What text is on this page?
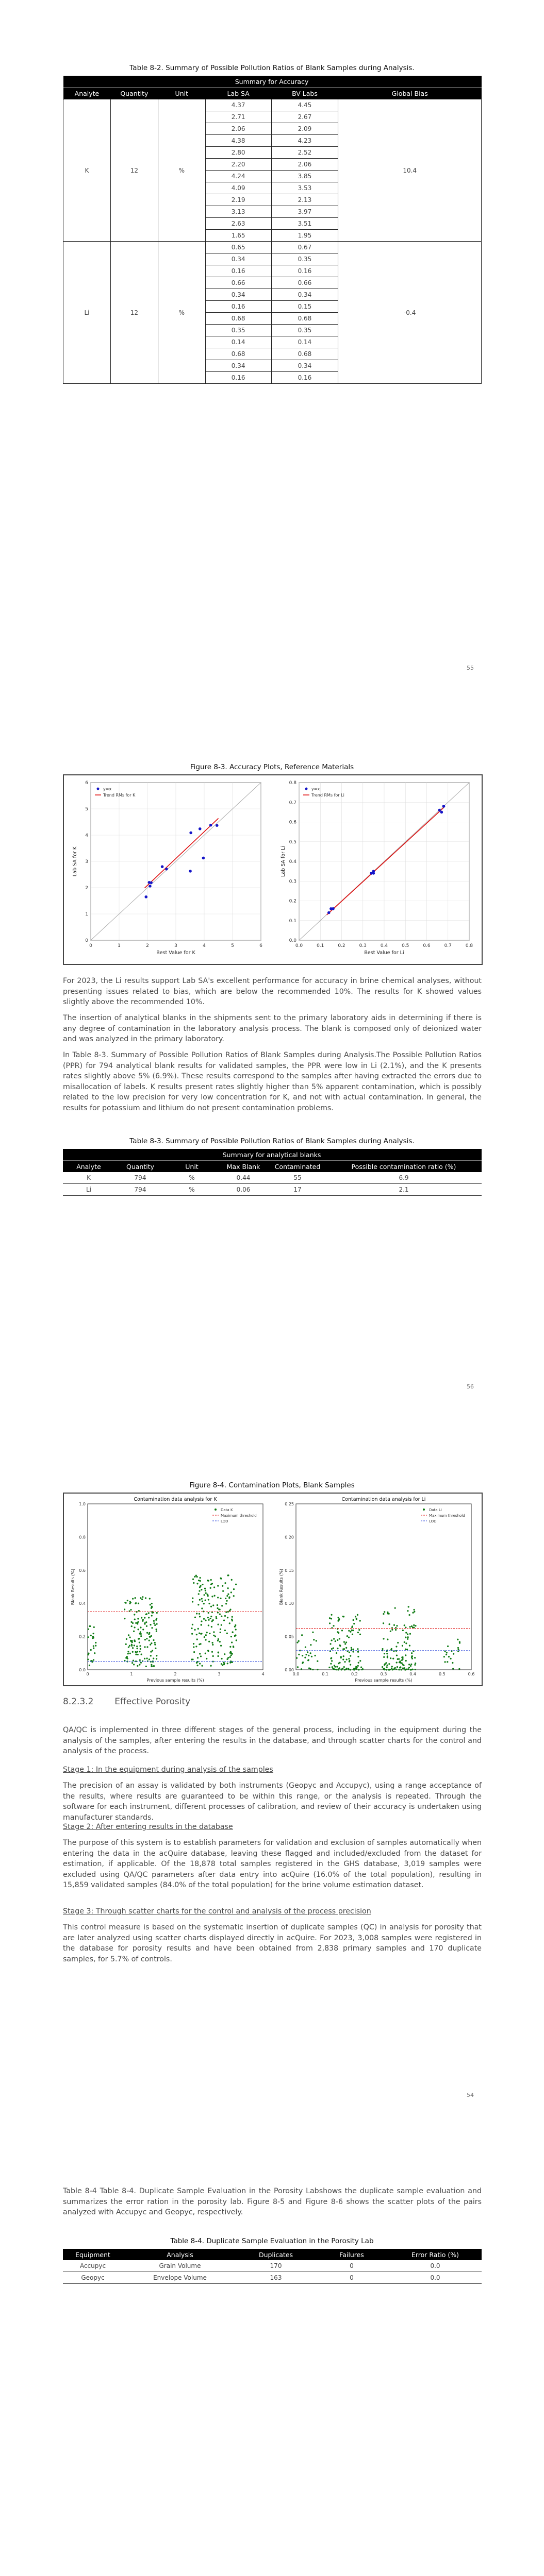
Table 8-2. Summary of Possible Pollution Ratios of Blank Samples during Analysis.
			Summary for Accuracy		
Analyte	Quantity	Unit	Lab SA	BV Labs	Global Bias
K	12	%	4.37	4.45	10.4
			2.71	2.67	
			2.06	2.09	
			4.38	4.23	
			2.80	2.52	
			2.20	2.06	
			4.24	3.85	
			4.09	3.53	
			2.19	2.13	
			3.13	3.97	
			2.63	3.51	
			1.65	1.95	
Li	12	%	0.65	0.67	-0.4
			0.34	0.35	
			0.16	0.16	
			0.66	0.66	
			0.34	0.34	
			0.16	0.15	
			0.68	0.68	
			0.35	0.35	
			0.14	0.14	
			0.68	0.68	
			0.34	0.34	
			0.16	0.16	
55
Figure 8-3. Accuracy Plots, Reference Materials
0
0
1
1
2
2
3
3
4
4
5
5
6
6
y=x
Trend RMs for K
Best Value for K
Lab SA for K
0.0
0.0
0.1
0.1
0.2
0.2
0.3
0.3
0.4
0.4
0.5
0.5
0.6
0.6
0.7
0.7
0.8
0.8
y=x
Trend RMs for Li
Best Value for Li
Lab SA for Li

For 2023, the Li results support Lab SA's excellent performance for accuracy in brine chemical analyses, without presenting issues related to bias, which are below the recommended 10%. The results for K showed values slightly above the recommended 10%.

The insertion of analytical blanks in the shipments sent to the primary laboratory aids in determining if there is any degree of contamination in the laboratory analysis process. The blank is composed only of deionized water and was analyzed in the primary laboratory.

In Table 8-3. Summary of Possible Pollution Ratios of Blank Samples during Analysis.The Possible Pollution Ratios (PPR) for 794 analytical blank results for validated samples, the PPR were low in Li (2.1%), and the K presents rates slightly above 5% (6.9%). These results correspond to the samples after having extracted the errors due to misallocation of labels. K results present rates slightly higher than 5% apparent contamination, which is possibly related to the low precision for very low concentration for K, and not with actual contamination. In general, the results for potassium and lithium do not present contamination problems.

Table 8-3. Summary of Possible Pollution Ratios of Blank Samples during Analysis.
			Summary for analytical blanks		
Analyte	Quantity	Unit	Max Blank	Contaminated	Possible contamination ratio (%)
K	794	%	0.44	55	6.9
Li	794	%	0.06	17	2.1
56
Figure 8-4. Contamination Plots, Blank Samples
Contamination data analysis for K
0.0
0.2
0.4
0.6
0.8
1.0
0	1	2	3	4
Data K
Maximum threshold
LOD
Previous sample results (%)
Blank Results (%)
Contamination data analysis for Li
0.00
0.05
0.10
0.15
0.20
0.25
0.0	0.1	0.2	0.3	0.4	0.5	0.6
Data Li
Maximum threshold
LOD
Previous sample results (%)
Blank Results (%)
8.2.3.2 Effective Porosity

QA/QC is implemented in three different stages of the general process, including in the equipment during the analysis of the samples, after entering the results in the database, and through scatter charts for the control and analysis of the process.

Stage 1: In the equipment during analysis of the samples

The precision of an assay is validated by both instruments (Geopyc and Accupyc), using a range acceptance of the results, where results are guaranteed to be within this range, or the analysis is repeated. Through the software for each instrument, different processes of calibration, and review of their accuracy is undertaken using manufacturer standards.

Stage 2: After entering results in the database

The purpose of this system is to establish parameters for validation and exclusion of samples automatically when entering the data in the acQuire database, leaving these flagged and included/excluded from the dataset for estimation, if applicable. Of the 18,878 total samples registered in the GHS database, 3,019 samples were excluded using QA/QC parameters after data entry into acQuire (16.0% of the total population), resulting in 15,859 validated samples (84.0% of the total population) for the brine volume estimation dataset.

Stage 3: Through scatter charts for the control and analysis of the process precision

This control measure is based on the systematic insertion of duplicate samples (QC) in analysis for porosity that are later analyzed using scatter charts displayed directly in acQuire. For 2023, 3,008 samples were registered in the database for porosity results and have been obtained from 2,838 primary samples and 170 duplicate samples, for 5.7% of controls.

54

Table 8-4 Table 8-4. Duplicate Sample Evaluation in the Porosity Labshows the duplicate sample evaluation and summarizes the error ration in the porosity lab. Figure 8-5 and Figure 8-6 shows the scatter plots of the pairs analyzed with Accupyc and Geopyc, respectively.

Table 8-4. Duplicate Sample Evaluation in the Porosity Lab
Equipment	Analysis	Duplicates	Failures	Error Ratio (%)
Accupyc	Grain Volume	170	0	0.0
Geopyc	Envelope Volume	163	0	0.0
